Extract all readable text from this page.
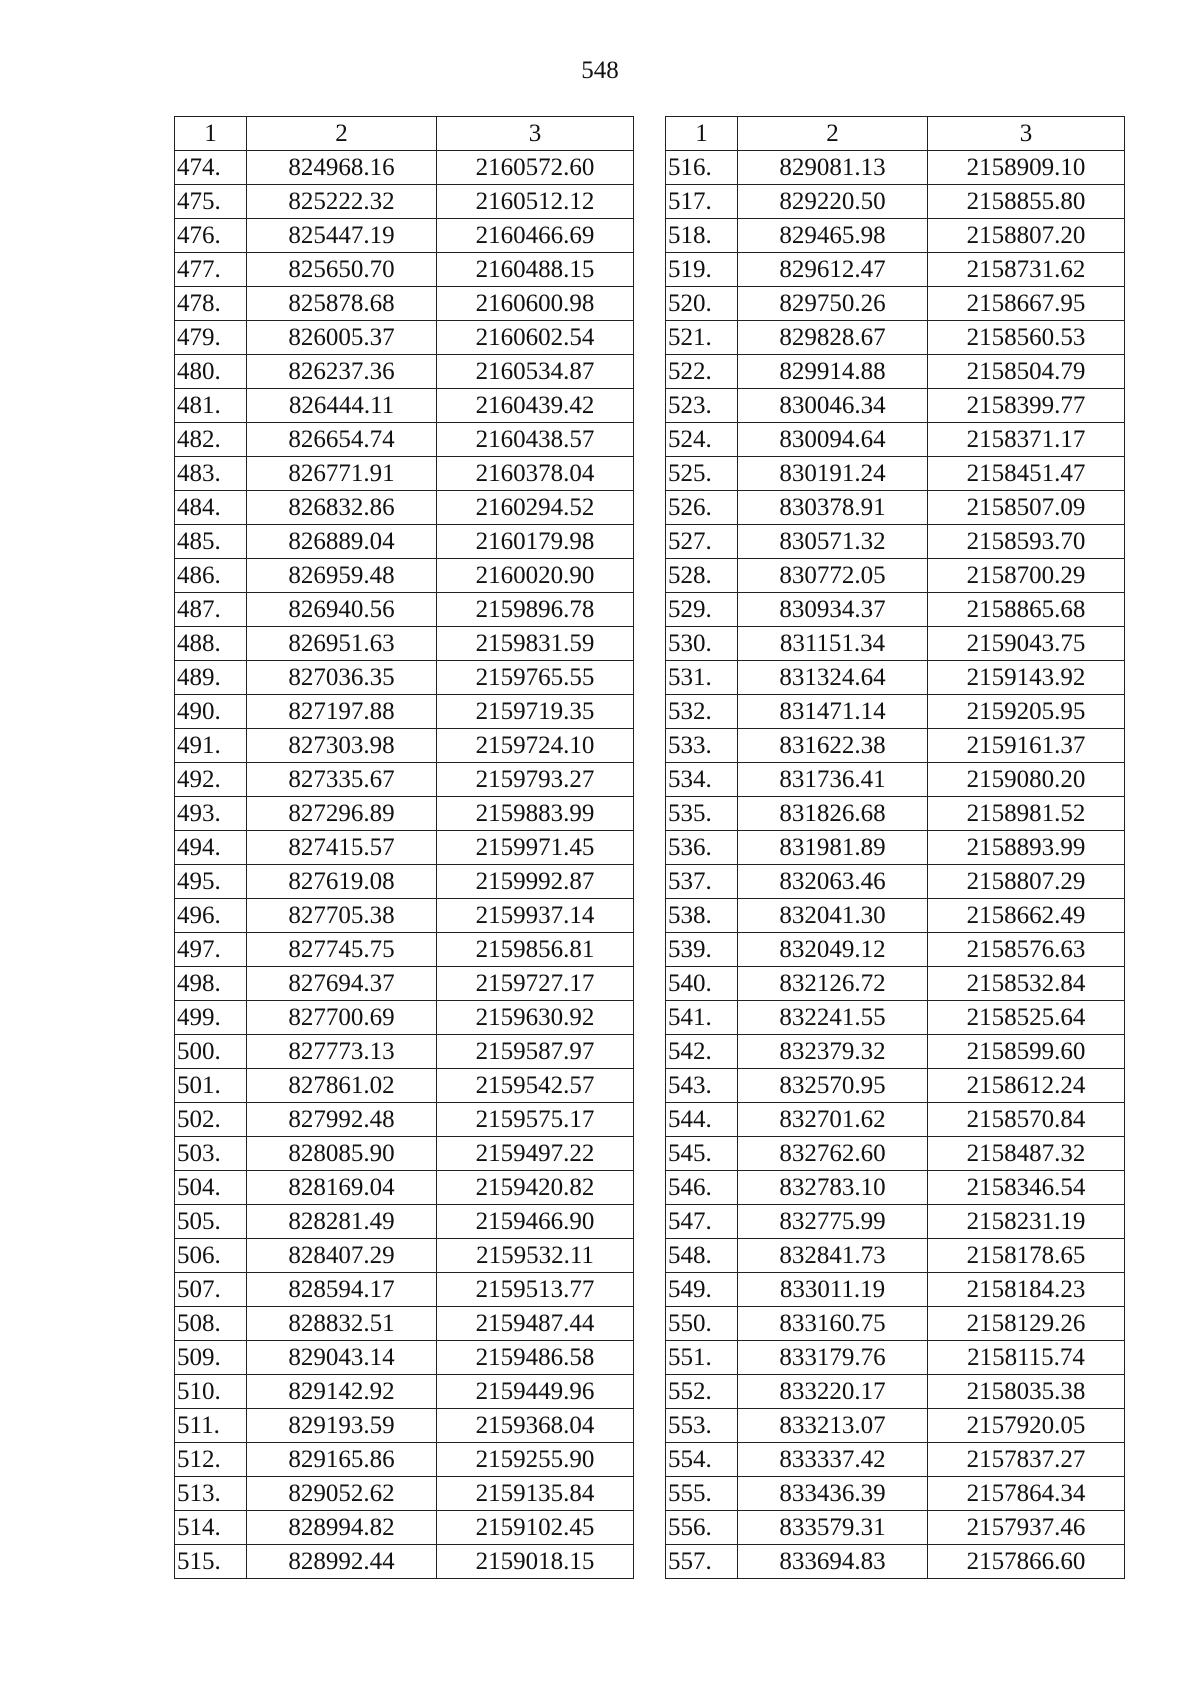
548
1	2	3
474.	824968.16	2160572.60
475.	825222.32	2160512.12
476.	825447.19	2160466.69
477.	825650.70	2160488.15
478.	825878.68	2160600.98
479.	826005.37	2160602.54
480.	826237.36	2160534.87
481.	826444.11	2160439.42
482.	826654.74	2160438.57
483.	826771.91	2160378.04
484.	826832.86	2160294.52
485.	826889.04	2160179.98
486.	826959.48	2160020.90
487.	826940.56	2159896.78
488.	826951.63	2159831.59
489.	827036.35	2159765.55
490.	827197.88	2159719.35
491.	827303.98	2159724.10
492.	827335.67	2159793.27
493.	827296.89	2159883.99
494.	827415.57	2159971.45
495.	827619.08	2159992.87
496.	827705.38	2159937.14
497.	827745.75	2159856.81
498.	827694.37	2159727.17
499.	827700.69	2159630.92
500.	827773.13	2159587.97
501.	827861.02	2159542.57
502.	827992.48	2159575.17
503.	828085.90	2159497.22
504.	828169.04	2159420.82
505.	828281.49	2159466.90
506.	828407.29	2159532.11
507.	828594.17	2159513.77
508.	828832.51	2159487.44
509.	829043.14	2159486.58
510.	829142.92	2159449.96
511.	829193.59	2159368.04
512.	829165.86	2159255.90
513.	829052.62	2159135.84
514.	828994.82	2159102.45
515.	828992.44	2159018.15
1	2	3
516.	829081.13	2158909.10
517.	829220.50	2158855.80
518.	829465.98	2158807.20
519.	829612.47	2158731.62
520.	829750.26	2158667.95
521.	829828.67	2158560.53
522.	829914.88	2158504.79
523.	830046.34	2158399.77
524.	830094.64	2158371.17
525.	830191.24	2158451.47
526.	830378.91	2158507.09
527.	830571.32	2158593.70
528.	830772.05	2158700.29
529.	830934.37	2158865.68
530.	831151.34	2159043.75
531.	831324.64	2159143.92
532.	831471.14	2159205.95
533.	831622.38	2159161.37
534.	831736.41	2159080.20
535.	831826.68	2158981.52
536.	831981.89	2158893.99
537.	832063.46	2158807.29
538.	832041.30	2158662.49
539.	832049.12	2158576.63
540.	832126.72	2158532.84
541.	832241.55	2158525.64
542.	832379.32	2158599.60
543.	832570.95	2158612.24
544.	832701.62	2158570.84
545.	832762.60	2158487.32
546.	832783.10	2158346.54
547.	832775.99	2158231.19
548.	832841.73	2158178.65
549.	833011.19	2158184.23
550.	833160.75	2158129.26
551.	833179.76	2158115.74
552.	833220.17	2158035.38
553.	833213.07	2157920.05
554.	833337.42	2157837.27
555.	833436.39	2157864.34
556.	833579.31	2157937.46
557.	833694.83	2157866.60
